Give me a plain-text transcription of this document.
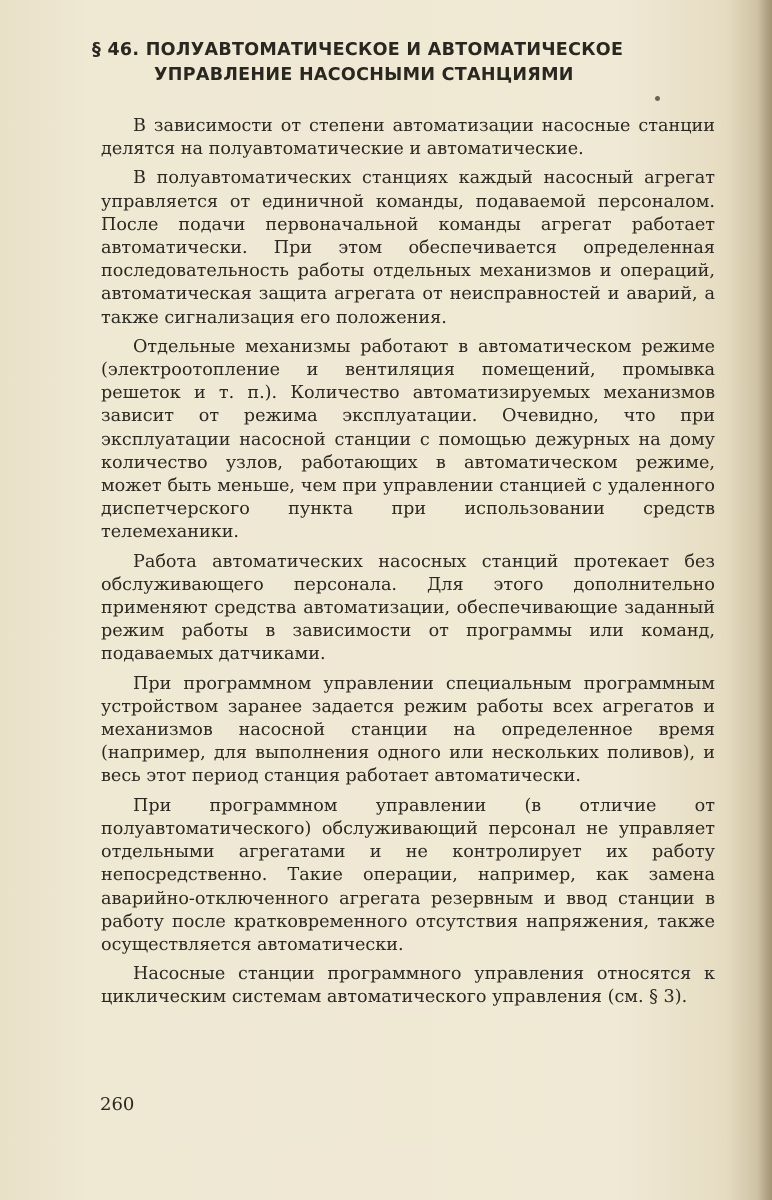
§ 46. ПОЛУАВТОМАТИЧЕСКОЕ И АВТОМАТИЧЕСКОЕ
УПРАВЛЕНИЕ НАСОСНЫМИ СТАНЦИЯМИ

В зависимости от степени автоматизации насосные станции делятся на полуавтоматические и автоматические.

В полуавтоматических станциях каждый насосный агрегат управляется от единичной команды, подаваемой персоналом. После подачи первоначальной команды агрегат работает автоматически. При этом обеспечивается определенная последовательность работы отдельных механизмов и операций, автоматическая защита агрегата от неисправностей и аварий, а также сигнализация его положения.

Отдельные механизмы работают в автоматическом режиме (электроотопление и вентиляция помещений, промывка решеток и т. п.). Количество автоматизируемых механизмов зависит от режима эксплуатации. Очевидно, что при эксплуатации насосной станции с помощью дежурных на дому количество узлов, работающих в автоматическом режиме, может быть меньше, чем при управлении станцией с удаленного диспетчерского пункта при использовании средств телемеханики.

Работа автоматических насосных станций протекает без обслуживающего персонала. Для этого дополнительно применяют средства автоматизации, обеспечивающие заданный режим работы в зависимости от программы или команд, подаваемых датчиками.

При программном управлении специальным программным устройством заранее задается режим работы всех агрегатов и механизмов насосной станции на определенное время (например, для выполнения одного или нескольких поливов), и весь этот период станция работает автоматически.

При программном управлении (в отличие от полуавтоматического) обслуживающий персонал не управляет отдельными агрегатами и не контролирует их работу непосредственно. Такие операции, например, как замена аварийно-отключенного агрегата резервным и ввод станции в работу после кратковременного отсутствия напряжения, также осуществляется автоматически.

Насосные станции программного управления относятся к циклическим системам автоматического управления (см. § 3).

260
